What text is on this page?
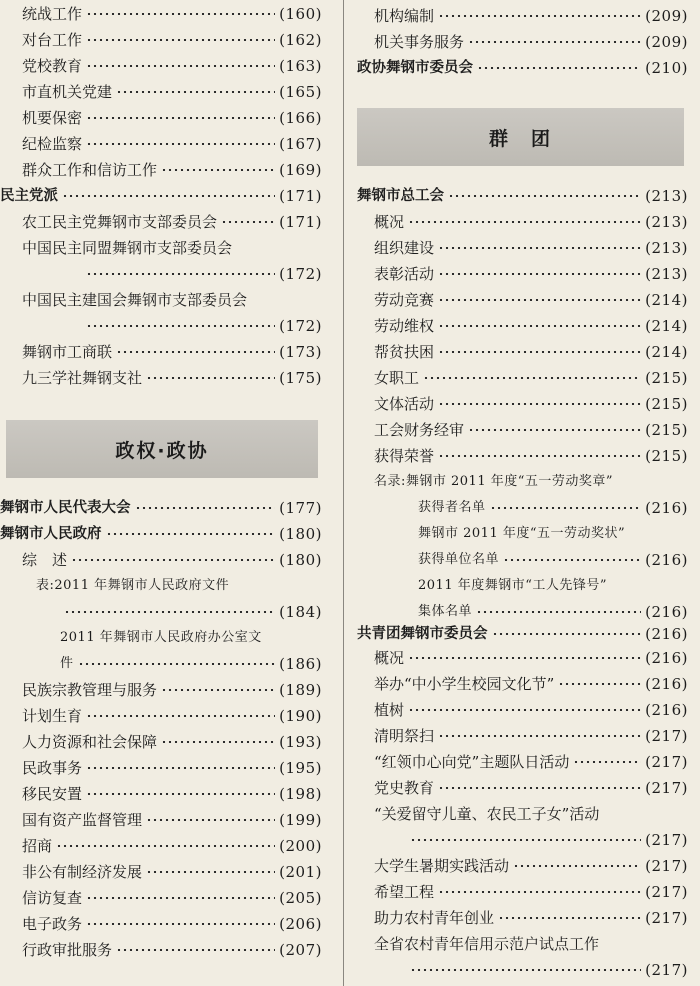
统战工作	(160)
对台工作	(162)
党校教育	(163)
市直机关党建	(165)
机要保密	(166)
纪检监察	(167)
群众工作和信访工作	(169)
民主党派	(171)
农工民主党舞钢市支部委员会	(171)
中国民主同盟舞钢市支部委员会
(172)
中国民主建国会舞钢市支部委员会
(172)
舞钢市工商联	(173)
九三学社舞钢支社	(175)
政权·政协
舞钢市人民代表大会	(177)
舞钢市人民政府	(180)
综　述	(180)
表:2011 年舞钢市人民政府文件
(184)
2011 年舞钢市人民政府办公室文
件	(186)
民族宗教管理与服务	(189)
计划生育	(190)
人力资源和社会保障	(193)
民政事务	(195)
移民安置	(198)
国有资产监督管理	(199)
招商	(200)
非公有制经济发展	(201)
信访复查	(205)
电子政务	(206)
行政审批服务	(207)
机构编制	(209)
机关事务服务	(209)
政协舞钢市委员会	(210)
群　团
舞钢市总工会	(213)
概况	(213)
组织建设	(213)
表彰活动	(213)
劳动竞赛	(214)
劳动维权	(214)
帮贫扶困	(214)
女职工	(215)
文体活动	(215)
工会财务经审	(215)
获得荣誉	(215)
名录:舞钢市 2011 年度“五一劳动奖章”
获得者名单	(216)
舞钢市 2011 年度“五一劳动奖状”
获得单位名单	(216)
2011 年度舞钢市“工人先锋号”
集体名单	(216)
共青团舞钢市委员会	(216)
概况	(216)
举办“中小学生校园文化节”	(216)
植树	(216)
清明祭扫	(217)
“红领巾心向党”主题队日活动	(217)
党史教育	(217)
“关爱留守儿童、农民工子女”活动
(217)
大学生暑期实践活动	(217)
希望工程	(217)
助力农村青年创业	(217)
全省农村青年信用示范户试点工作
(217)
